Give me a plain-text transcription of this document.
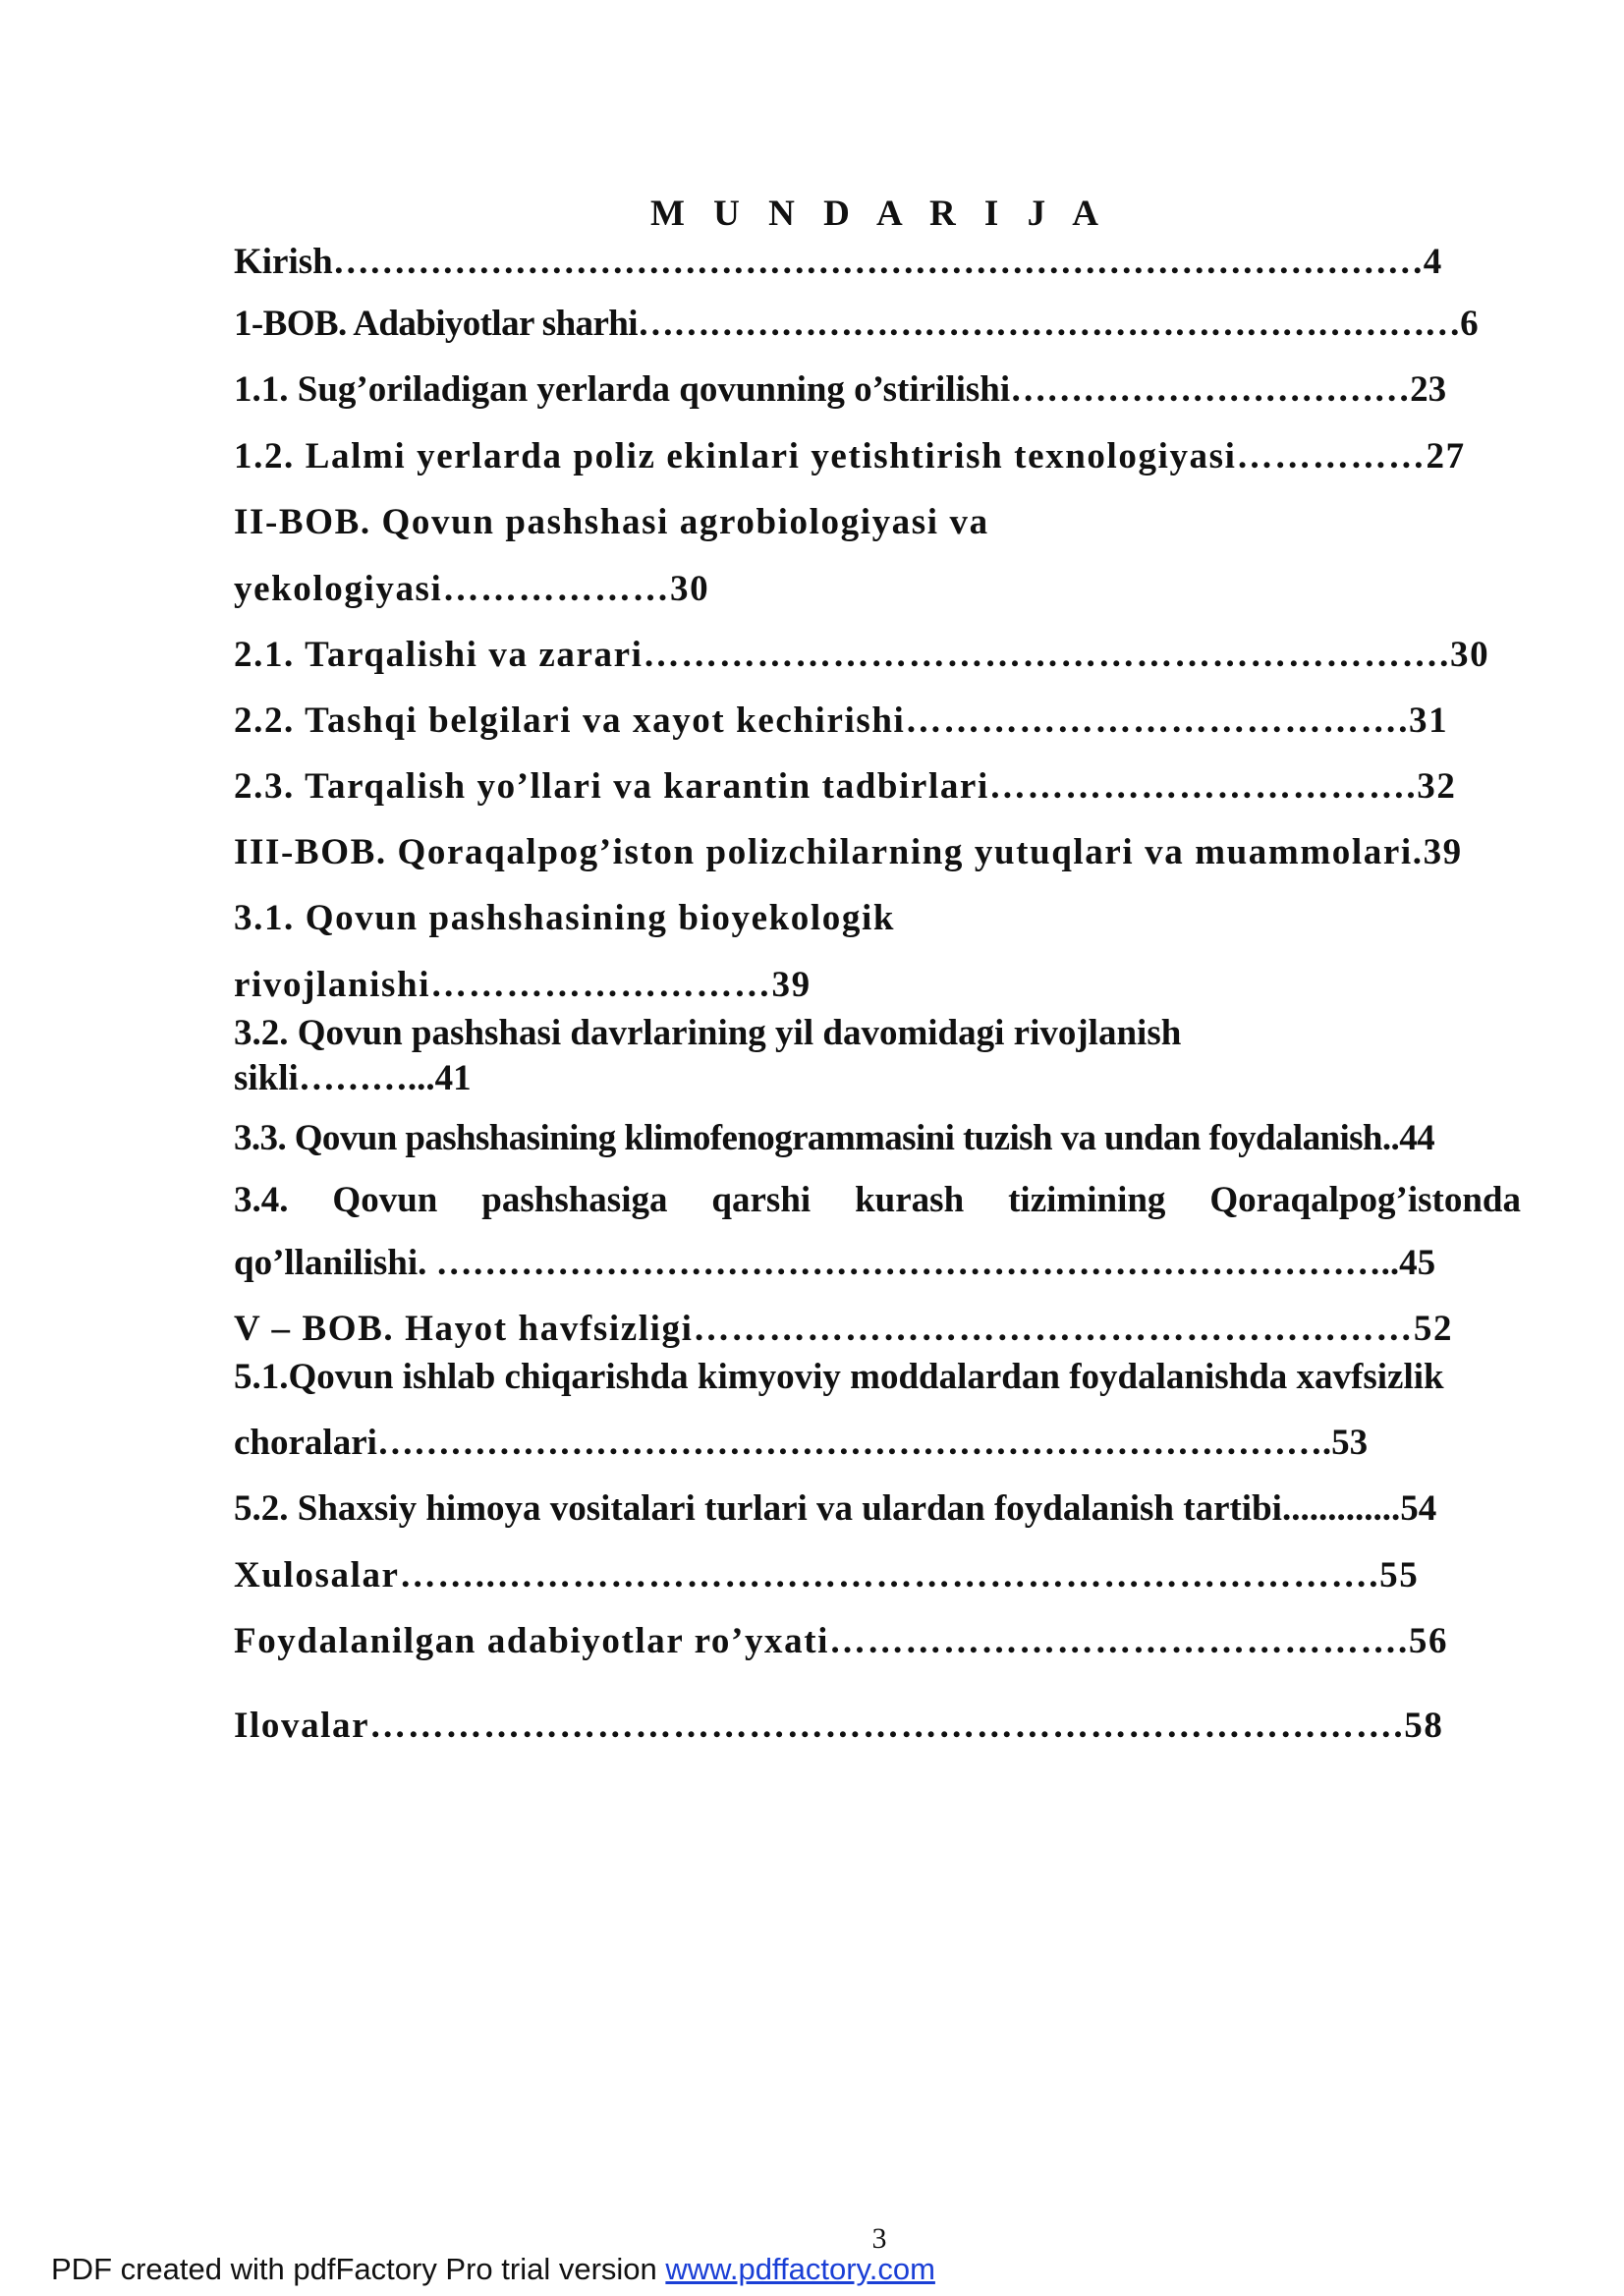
M U N D A R I J A
Kirish………………………………………………………………………………4
1-BOB. Adabiyotlar sharhi……………………………………………………………6
1.1. Sug’oriladigan yerlarda qovunning o’stirilishi……………………………23
1.2. Lalmi yerlarda poliz ekinlari yetishtirish texnologiyasi……………27
II-BOB. Qovun pashshasi agrobiologiyasi va
yekologiyasi………………30
2.1. Tarqalishi va zarari……………………………………………………….30
2.2. Tashqi belgilari va xayot kechirishi………………………………….31
2.3. Tarqalish yo’llari va karantin tadbirlari…………………………….32
III-BOB. Qoraqalpog’iston polizchilarning yutuqlari va muammolari.39
3.1. Qovun pashshasining bioyekologik
rivojlanishi………………………39
3.2. Qovun pashshasi davrlarining yil davomidagi rivojlanish
sikli………...41
3.3. Qovun pashshasining klimofenogrammasini tuzish va undan foydalanish..44
3.4. Qovun pashshasiga qarshi kurash tizimining Qoraqalpog’istonda
qo’llanilishi. ……………………………………………………………………..45
V – BOB. Hayot havfsizligi…………………………………………………52
5.1.Qovun ishlab chiqarishda kimyoviy moddalardan foydalanishda xavfsizlik
choralari…………………………………………………………………….53
5.2. Shaxsiy himoya vositalari turlari va ulardan foydalanish tartibi.............54
Xulosalar……..…………………………………………………………….55
Foydalanilgan adabiyotlar ro’yxati……………………………………….56
Ilovalar……………………………………………………………………….58

3

PDF created with pdfFactory Pro trial version www.pdffactory.com
